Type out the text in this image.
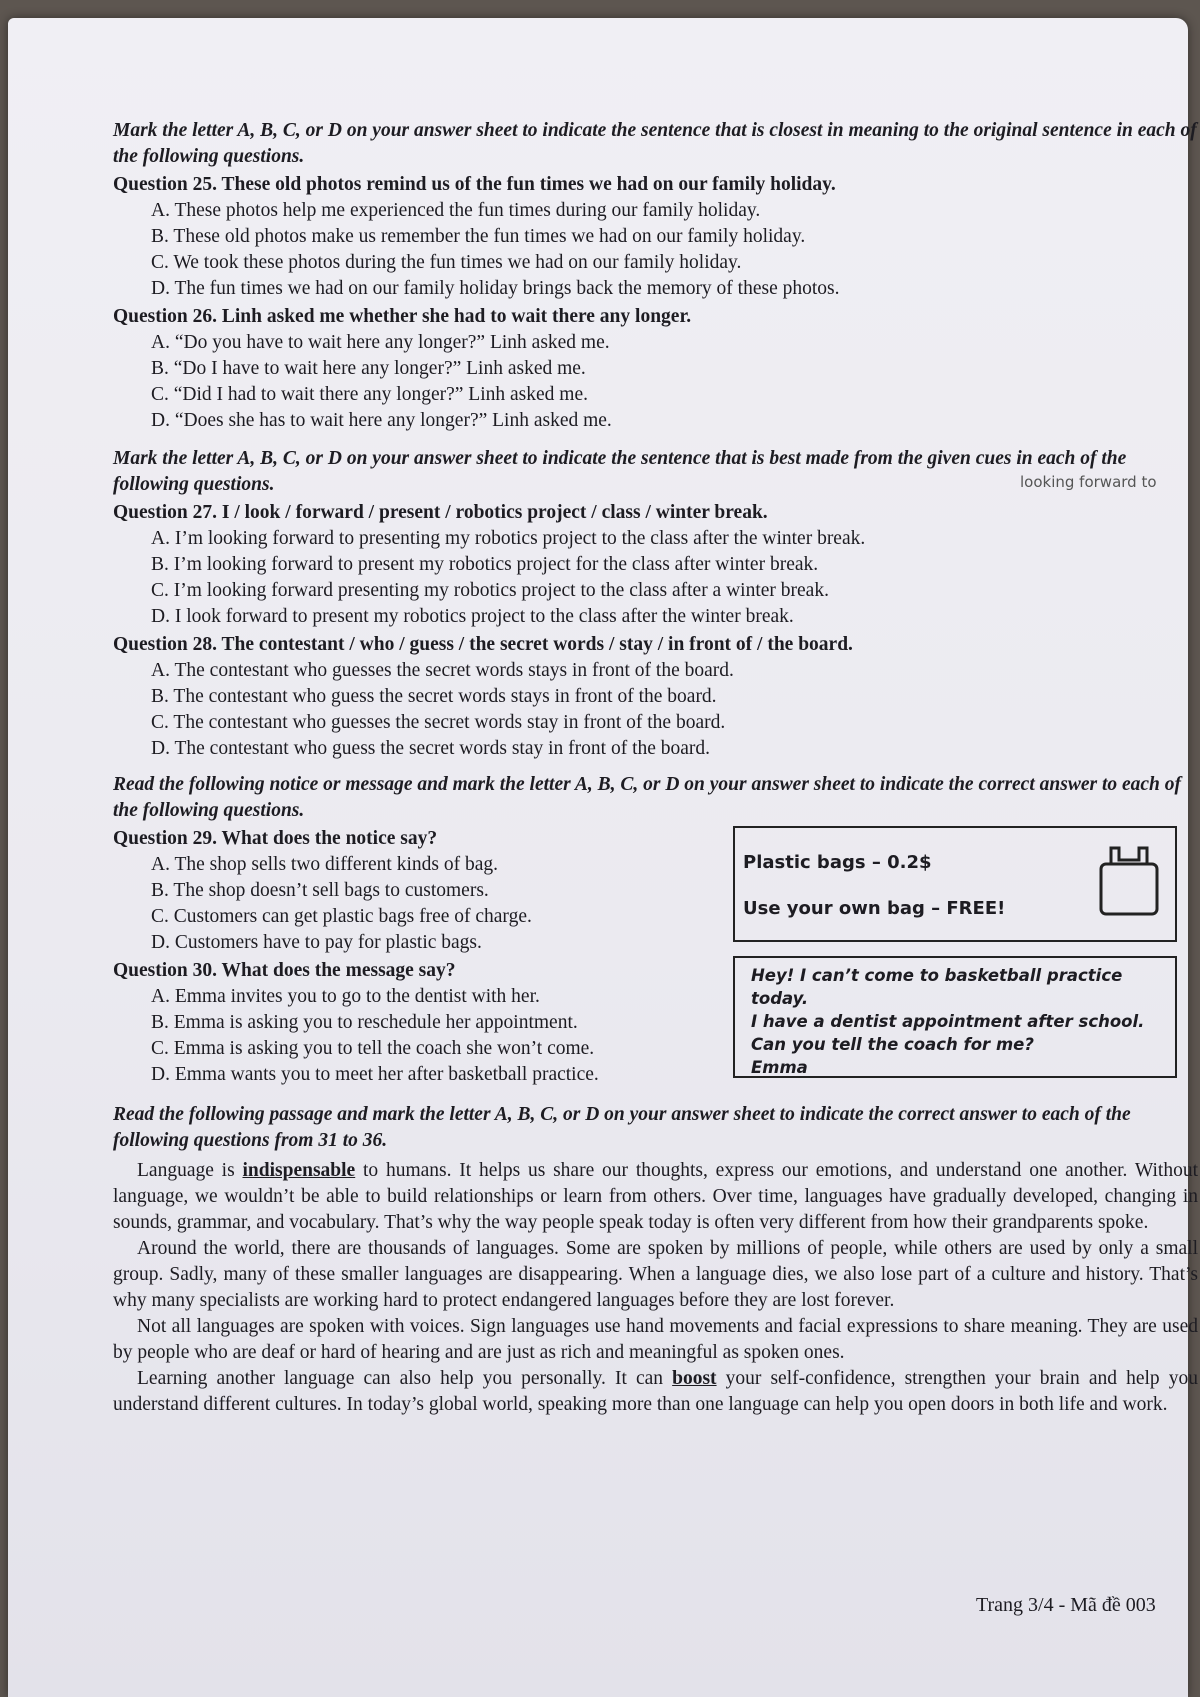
Mark the letter A, B, C, or D on your answer sheet to indicate the sentence that is closest in meaning to the original sentence in each of the following questions.
Question 25. These old photos remind us of the fun times we had on our family holiday.
A. These photos help me experienced the fun times during our family holiday.
B. These old photos make us remember the fun times we had on our family holiday.
C. We took these photos during the fun times we had on our family holiday.
D. The fun times we had on our family holiday brings back the memory of these photos.
Question 26. Linh asked me whether she had to wait there any longer.
A. “Do you have to wait here any longer?” Linh asked me.
B. “Do I have to wait here any longer?” Linh asked me.
C. “Did I had to wait there any longer?” Linh asked me.
D. “Does she has to wait here any longer?” Linh asked me.
Mark the letter A, B, C, or D on your answer sheet to indicate the sentence that is best made from the given cues in each of the following questions.
Question 27. I / look / forward / present / robotics project / class / winter break.
A. I’m looking forward to presenting my robotics project to the class after the winter break.
B. I’m looking forward to present my robotics project for the class after winter break.
C. I’m looking forward presenting my robotics project to the class after a winter break.
D. I look forward to present my robotics project to the class after the winter break.
Question 28. The contestant / who / guess / the secret words / stay / in front of / the board.
A. The contestant who guesses the secret words stays in front of the board.
B. The contestant who guess the secret words stays in front of the board.
C. The contestant who guesses the secret words stay in front of the board.
D. The contestant who guess the secret words stay in front of the board.
Read the following notice or message and mark the letter A, B, C, or D on your answer sheet to indicate the correct answer to each of the following questions.
Question 29. What does the notice say?
A. The shop sells two different kinds of bag.
B. The shop doesn’t sell bags to customers.
C. Customers can get plastic bags free of charge.
D. Customers have to pay for plastic bags.
Plastic bags – 0.2$
Use your own bag – FREE!
Question 30. What does the message say?
A. Emma invites you to go to the dentist with her.
B. Emma is asking you to reschedule her appointment.
C. Emma is asking you to tell the coach she won’t come.
D. Emma wants you to meet her after basketball practice.
Hey! I can’t come to basketball practice today.
I have a dentist appointment after school.
Can you tell the coach for me?
Emma
Read the following passage and mark the letter A, B, C, or D on your answer sheet to indicate the correct answer to each of the following questions from 31 to 36.

Language is indispensable to humans. It helps us share our thoughts, express our emotions, and understand one another. Without language, we wouldn’t be able to build relationships or learn from others. Over time, languages have gradually developed, changing in sounds, grammar, and vocabulary. That’s why the way people speak today is often very different from how their grandparents spoke.

Around the world, there are thousands of languages. Some are spoken by millions of people, while others are used by only a small group. Sadly, many of these smaller languages are disappearing. When a language dies, we also lose part of a culture and history. That’s why many specialists are working hard to protect endangered languages before they are lost forever.

Not all languages are spoken with voices. Sign languages use hand movements and facial expressions to share meaning. They are used by people who are deaf or hard of hearing and are just as rich and meaningful as spoken ones.

Learning another language can also help you personally. It can boost your self-confidence, strengthen your brain and help you understand different cultures. In today’s global world, speaking more than one language can help you open doors in both life and work.

looking forward to
Trang 3/4 - Mã đề 003
